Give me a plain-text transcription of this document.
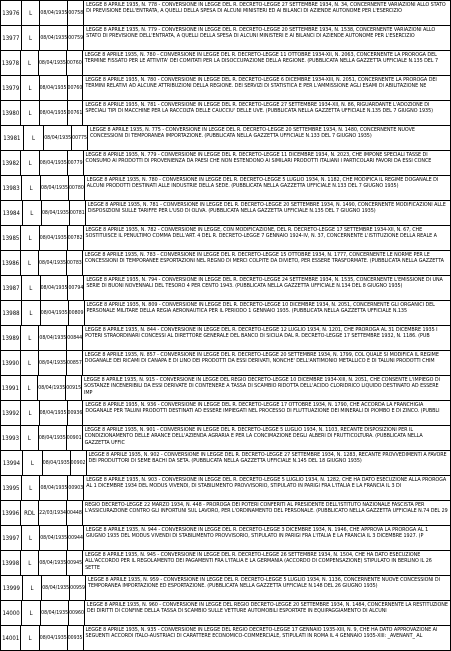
13976 L 08/04/1935 00758
LEGGE 8 APRILE 1935, N. 778 - CONVERSIONE IN LEGGE DEL R. DECRETO-LEGGE 27 SETTEMBRE 1934, N. 34, CONCERNENTE VARIAZIONI ALLO STATO DI PREVISIONE DELL'ENTRATA, A QUELLI DELLA SPESA DI ALCUNI MINISTERI ED AI BILANCI DI AZIENDE AUTONOME PER L'ESERCIZIO
13977 L 08/04/1935 00759
LEGGE 8 APRILE 1935, N. 779 - CONVERSIONE IN LEGGE DEL R. DECRETO-LEGGE 20 SETTEMBRE 1934, N. 1538, CONCERNENTE VARIAZIONI ALLO STATO DI PREVISIONE DELL'ENTRATA, A QUELLI DELLA SPESA DI ALCUNI MINISTERI E AI BILANCI DI AZIENDE AUTONOME PER L'ESERCIZIO
13978 L 08/04/1935 00760
LEGGE 8 APRILE 1935, N. 780 - CONVERSIONE IN LEGGE DEL R. DECRETO-LEGGE 11 OTTOBRE 1934-XII, N. 2063, CONCERNENTE LA PROROGA DEL TERMINE FISSATO PER LE ATTIVITA' DEI COMITATI PER LA DISOCCUPAZIONE DELLA REGIONE. (PUBBLICATA NELLA GAZZETTA UFFICIALE N.135 DEL 7
13979 L 08/04/1935 00760
LEGGE 8 APRILE 1935, N. 780 - CONVERSIONE IN LEGGE DEL R. DECRETO-LEGGE 6 DICEMBRE 1934-XIII, N. 2051, CONCERNENTE LA PROROGA DEI TERMINI RELATIVI AD ALCUNE ATTRIBUZIONI DELLA REGIONE. DEI SERVIZI DI STATISTICA E PER L'AMMISSIONE AGLI ESAMI DI ABILITAZIONE NE
13980 L 08/04/1935 00761
LEGGE 8 APRILE 1935, N. 781 - CONVERSIONE IN LEGGE DEL R. DECRETO-LEGGE 27 SETTEMBRE 1934-XII, N. 86, RIGUARDANTE L'ADOZIONE DI SPECIALI TIPI DI MACCHINE PER LA RACCOLTA DELLE CAUCCIU' DELLE UVE. (PUBBLICATA NELLA GAZZETTA UFFICIALE N.135 DEL 7 GIUGNO 1935)
13981 L 08/04/1935 00775
LEGGE 8 APRILE 1935, N. 775 - CONVERSIONE IN LEGGE DEL R. DECRETO-LEGGE 20 SETTEMBRE 1934, N. 1480, CONCERNENTE NUOVE CONCESSIONI DI TEMPORANEA IMPORTAZIONE. (PUBBLICATA NELLA GAZZETTA UFFICIALE N.133 DEL 7 GIUGNO 1935)
13982 L 08/04/1935 00779
LEGGE 8 APRILE 1935, N. 779 - CONVERSIONE IN LEGGE DEL R. DECRETO-LEGGE 11 DICEMBRE 1934, N. 2023, CHE IMPONE SPECIALI TASSE DI CONSUMO AI PRODOTTI DI PROVENIENZA DA PAESI CHE NON ESTENDONO AI SIMILARI PRODOTTI ITALIANI I PARTICOLARI FAVORI DA ESSI CONCE
13983 L 08/04/1935 00780
LEGGE 8 APRILE 1935, N. 780 - CONVERSIONE IN LEGGE DEL R. DECRETO-LEGGE 5 LUGLIO 1934, N. 1182, CHE MODIFICA IL REGIME DOGANALE DI ALCUNI PRODOTTI DESTINATI ALLE INDUSTRIE DELLA SEDE. (PUBBLICATA NELLA GAZZETTA UFFICIALE N.133 DEL 7 GIUGNO 1935)
13984 L 08/04/1935 00781
LEGGE 8 APRILE 1935, N. 781 - CONVERSIONE IN LEGGE DEL R. DECRETO-LEGGE 20 SETTEMBRE 1934, N. 1490, CONCERNENTE MODIFICAZIONI ALLE DISPOSIZIONI SULLE TARIFFE PER L'USO DI OLIVA. (PUBBLICATA NELLA GAZZETTA UFFICIALE N.135 DEL 7 GIUGNO 1935)
13985 L 08/04/1935 00782
LEGGE 8 APRILE 1935, N. 782 - CONVERSIONE IN LEGGE, CON MODIFICAZIONE, DEL R. DECRETO-LEGGE 17 SETTEMBRE 1934-XII, N. 67, CHE SOSTITUISCE IL PENULTIMO COMMA DELL'ART. 4 DEL R. DECRETO-LEGGE 7 GENNAIO 1924-IV, N. 37, CONCERNENTE L'ISTITUZIONE DELLA REALE A
13986 L 08/04/1935 00783
LEGGE 8 APRILE 1935, N. 783 - CONVERSIONE IN LEGGE DEL R. DECRETO-LEGGE 15 OTTOBRE 1934, N. 1777, CONCERNENTE LE NORME PER LE CONCESSIONI DI TEMPORANEE ESPORTAZIONI NEL REGNO DI MERCI COLPITE DA DIVIETO, PER ESSERE TRASFORMATE. (PUBBLICATA NELLA GAZZETTA
13987 L 08/04/1935 00794
LEGGE 8 APRILE 1935, N. 794 - CONVERSIONE IN LEGGE DEL R. DECRETO-LEGGE 24 SETTEMBRE 1934, N. 1535, CONCERNENTE L'EMISSIONE DI UNA SERIE DI BUONI NOVENNALI DEL TESORO 4 PER CENTO 1943. (PUBBLICATA NELLA GAZZETTA UFFICIALE N.134 DEL 8 GIUGNO 1935)
13988 L 08/04/1935 00809
LEGGE 8 APRILE 1935, N. 809 - CONVERSIONE IN LEGGE DEL R. DECRETO-LEGGE 10 DICEMBRE 1934, N. 2051, CONCERNENTE GLI ORGANICI DEL PERSONALE MILITARE DELLA REGIA AERONAUTICA PER IL PERIODO 1 GENNAIO 1935. (PUBBLICATA NELLA GAZZETTA UFFICIALE N.135
13989 L 08/04/1935 00844
LEGGE 8 APRILE 1935, N. 844 - CONVERSIONE IN LEGGE DEL R. DECRETO-LEGGE 12 LUGLIO 1934, N. 1201, CHE PROROGA AL 31 DICEMBRE 1935 I POTERI STRAORDINARI CONCESSI AL DIRETTORE GENERALE DEL BANCO DI SICILIA DAL R. DECRETO-LEGGE 17 SETTEMBRE 1932, N. 1186. (PUB
13990 L 08/04/1935 00857
LEGGE 8 APRILE 1935, N. 857 - CONVERSIONE IN LEGGE DEL R. DECRETO-LEGGE 20 SETTEMBRE 1934, N. 1799, COL QUALE SI MODIFICA IL REGIME DOGANALE DEI RICAMI DI CANAPA E DI LINO DEI PRODOTTI DA ESSI DERIVATI, NONCHE' DELL'ANTIMONIO METALLICO E DI TALUNI PRODOTTI CHIM
13991 L 08/04/1935 00915
LEGGE 8 APRILE 1935, N. 915 - CONVERSIONE IN LEGGE DEL REGIO DECRETO-LEGGE 10 DICEMBRE 1934-XIII, N. 2051, CHE CONSENTE L'IMPIEGO DI SOSTANZE INCENERIBILI DA ESSI DERIVATE DI CONTENERE A TASSA DI SCAMBIO RIDOTTA DELL'ACIDO CLORIDRICO LIQUIDO DESTINATO AD ESSERE IMP
13992 L 08/04/1935 00936
LEGGE 8 APRILE 1935, N. 936 - CONVERSIONE IN LEGGE DEL R. DECRETO-LEGGE 17 OTTOBRE 1934, N. 1790, CHE ACCORDA LA FRANCHIGIA DOGANALE PER TALUNI PRODOTTI DESTINATI AD ESSERE IMPIEGATI NEL PROCESSO DI FLUTTUAZIONE DEI MINERALI DI PIOMBO E DI ZINCO. (PUBBLI
13993 L 08/04/1935 00901
LEGGE 8 APRILE 1935, N. 901 - CONVERSIONE IN LEGGE DEL R. DECRETO-LEGGE 5 LUGLIO 1934, N. 1103, RECANTE DISPOSIZIONI PER IL CONDIZIONAMENTO DELLE ARANCE DELL'AZIENDA AGRARIA E PER LA CONCIMAZIONE DEGLI ALBERI DI FRUTTICOLTURA. (PUBBLICATA NELLA GAZZETTA UFFIC
13994 L 08/04/1935 00902
LEGGE 8 APRILE 1935, N. 902 - CONVERSIONE IN LEGGE DEL R. DECRETO-LEGGE 27 SETTEMBRE 1934, N. 1283, RECANTE PROVVEDIMENTI A FAVORE DEI PRODUTTORI DI SEME BACHI DA SETA. (PUBBLICATA NELLA GAZZETTA UFFICIALE N.145 DEL 18 GIUGNO 1935)
13995 L 08/04/1935 00903
LEGGE 8 APRILE 1935, N. 903 - CONVERSIONE IN LEGGE DEL R. DECRETO-LEGGE 5 LUGLIO 1934, N. 1282, CHE HA DATO ESECUZIONE ALLA PROROGA AL 1 DICEMBRE 1934 DEL MODUS VIVENDI, DI STABILIMENTO PROVVISORIO, STIPULATO IN PARIGI FRA L'ITALIA E LA FRANCIA IL 3 DI
13996 RDL 22/03/1934 00448
REGIO DECRETO-LEGGE 22 MARZO 1934, N. 448 - PROROGA DEI POTERI CONFERITI AL PRESIDENTE DELL'ISTITUTO NAZIONALE FASCISTA PER L'ASSICURAZIONE CONTRO GLI INFORTUNI SUL LAVORO, PER L'ORDINAMENTO DEL PERSONALE. (PUBBLICATO NELLA GAZZETTA UFFICIALE N.74 DEL 29
13997 L 08/04/1935 00944
LEGGE 8 APRILE 1935, N. 944 - CONVERSIONE IN LEGGE DEL R. DECRETO-LEGGE 3 DICEMBRE 1934, N. 1946, CHE APPROVA LA PROROGA AL 1 GIUGNO 1935 DEL MODUS VIVENDI DI STABILIMENTO PROVVISORIO, STIPULATO IN PARIGI FRA L'ITALIA E LA FRANCIA IL 3 DICEMBRE 1927. (P
13998 L 08/04/1935 00945
LEGGE 8 APRILE 1935, N. 945 - CONVERSIONE IN LEGGE DEL R. DECRETO-LEGGE 26 SETTEMBRE 1934, N. 1504, CHE HA DATO ESECUZIONE ALL'ACCORDO PER IL REGOLAMENTO DEI PAGAMENTI FRA L'ITALIA E LA GERMANIA (ACCORDO DI COMPENSAZIONE) STIPULATO IN BERLINO IL 26 SETTE
13999 L 08/04/1935 00959
LEGGE 8 APRILE 1935, N. 959 - CONVERSIONE IN LEGGE DEL R. DECRETO-LEGGE 5 LUGLIO 1934, N. 1136, CONCERNENTE NUOVE CONCESSIONI DI TEMPORANEA IMPORTAZIONE ED ESPORTAZIONE. (PUBBLICATA NELLA GAZZETTA UFFICIALE N.148 DEL 26 GIUGNO 1935)
14000 L 08/04/1935 00960
LEGGE 8 APRILE 1935, N. 960 - CONVERSIONE IN LEGGE DEL REGIO DECRETO-LEGGE 20 SETTEMBRE 1934, N. 1484, CONCERNENTE LA RESTITUZIONE DEI DIRITTI DI CONFINE DELLA TASSA DI SCAMBIO SULLE VETTURE AUTOMOBILI ESPORTATE IN EQUIPAGGIAMENTO DI ALCUNI
14001 L 08/04/1935 00935
LEGGE 8 APRILE 1935, N. 935 - CONVERSIONE IN LEGGE DEL REGIO DECRETO-LEGGE 17 GENNAIO 1935-XIII, N. 9, CHE HA DATO APPROVAZIONE AI SEGUENTI ACCORDI ITALO-AUSTRIACI DI CARATTERE ECONOMICO-COMMERCIALE, STIPULATI IN ROMA IL 4 GENNAIO 1935-XIII: _AVENANT_ AL
